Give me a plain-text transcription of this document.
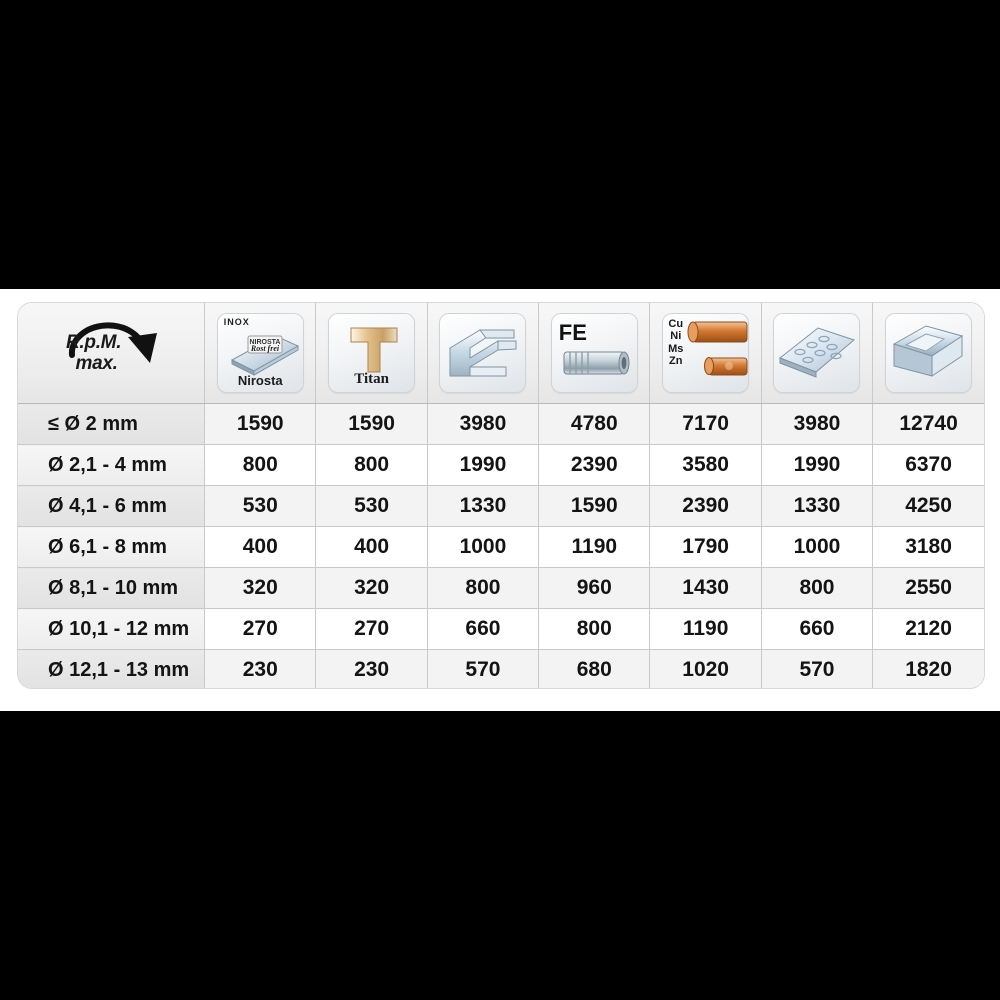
R.p.M.
max.

NIROSTA
Rost frei
INOX
Nirosta	Titan

FE	Cu
Ni
Ms
Zn

≤ Ø 2 mm	1590	1590	3980	4780	7170	3980	12740
Ø 2,1 - 4 mm	800	800	1990	2390	3580	1990	6370
Ø 4,1 - 6 mm	530	530	1330	1590	2390	1330	4250
Ø 6,1 - 8 mm	400	400	1000	1190	1790	1000	3180
Ø 8,1 - 10 mm	320	320	800	960	1430	800	2550
Ø 10,1 - 12 mm	270	270	660	800	1190	660	2120
Ø 12,1 - 13 mm	230	230	570	680	1020	570	1820
